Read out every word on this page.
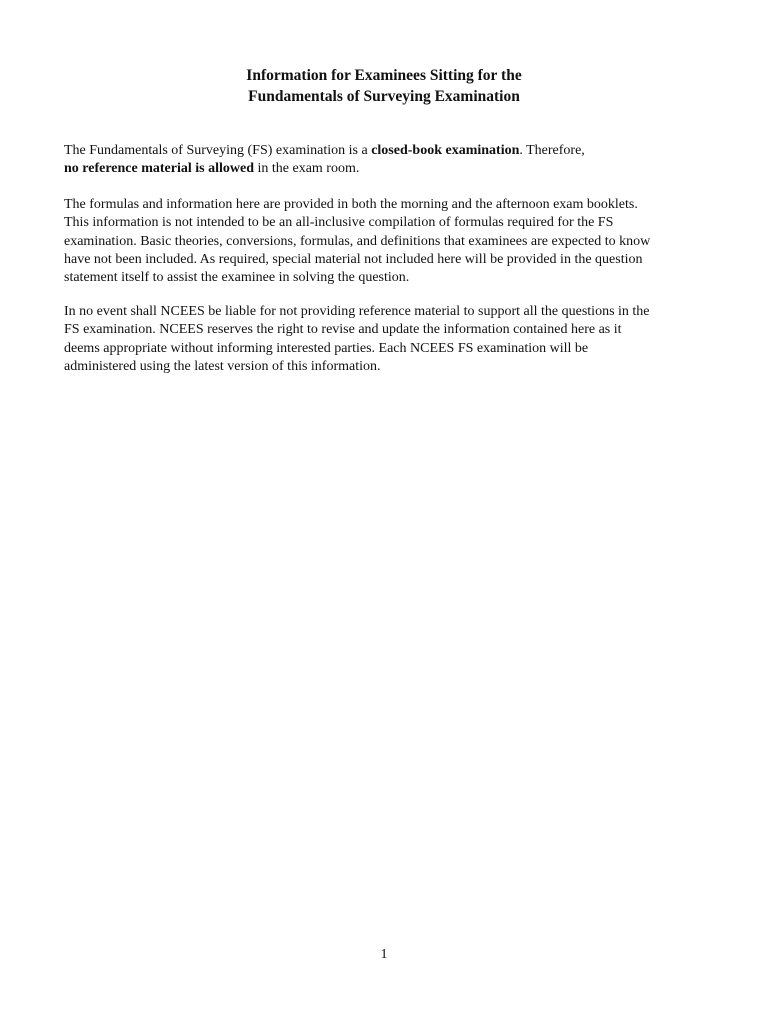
Information for Examinees Sitting for the
Fundamentals of Surveying Examination

The Fundamentals of Surveying (FS) examination is a closed-book examination. Therefore,
no reference material is allowed in the exam room.

The formulas and information here are provided in both the morning and the afternoon exam booklets.
This information is not intended to be an all-inclusive compilation of formulas required for the FS
examination. Basic theories, conversions, formulas, and definitions that examinees are expected to know
have not been included. As required, special material not included here will be provided in the question
statement itself to assist the examinee in solving the question.

In no event shall NCEES be liable for not providing reference material to support all the questions in the
FS examination. NCEES reserves the right to revise and update the information contained here as it
deems appropriate without informing interested parties. Each NCEES FS examination will be
administered using the latest version of this information.

1
